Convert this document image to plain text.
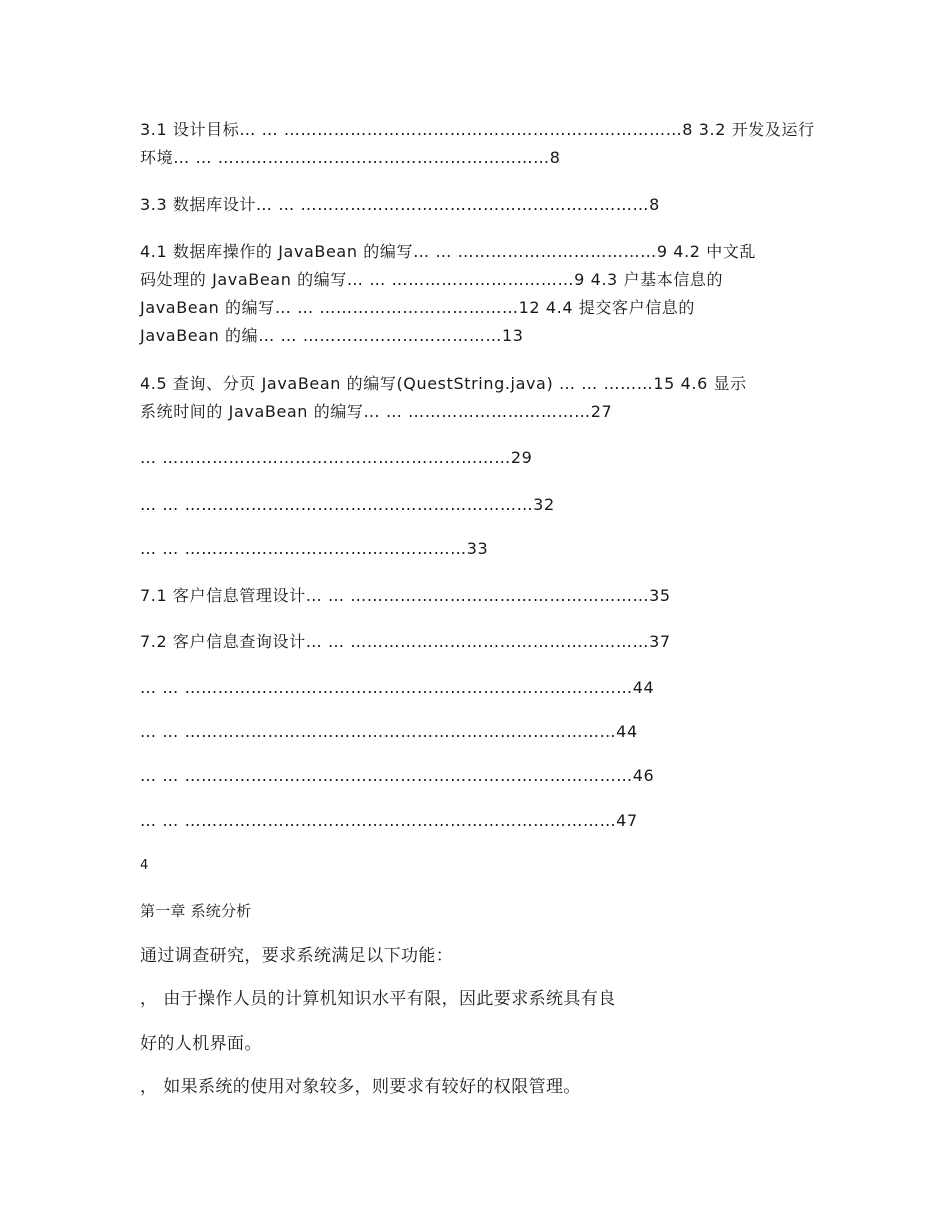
3.1 设计目标… … ………………………………………………………………8 3.2 开发及运行
环境… … ……………………………………………………8
3.3 数据库设计… … ………………………………………………………8
4.1 数据库操作的 JavaBean 的编写… … ………………………………9 4.2 中文乱
码处理的 JavaBean 的编写… … ……………………………9 4.3 户基本信息的
JavaBean 的编写… … ………………………………12 4.4 提交客户信息的
JavaBean 的编… … ………………………………13
4.5 查询、分页 JavaBean 的编写(QuestString.java) … … ………15 4.6 显示
系统时间的 JavaBean 的编写… … ……………………………27
… ………………………………………………………29
… … ………………………………………………………32
… … ……………………………………………33
7.1 客户信息管理设计… … ………………………………………………35
7.2 客户信息查询设计… … ………………………………………………37
… … ………………………………………………………………………44
… … ……………………………………………………………………44
… … ………………………………………………………………………46
… … ……………………………………………………………………47
4
第一章 系统分析
通过调查研究，要求系统满足以下功能：
， 由于操作人员的计算机知识水平有限，因此要求系统具有良
好的人机界面。
， 如果系统的使用对象较多，则要求有较好的权限管理。
